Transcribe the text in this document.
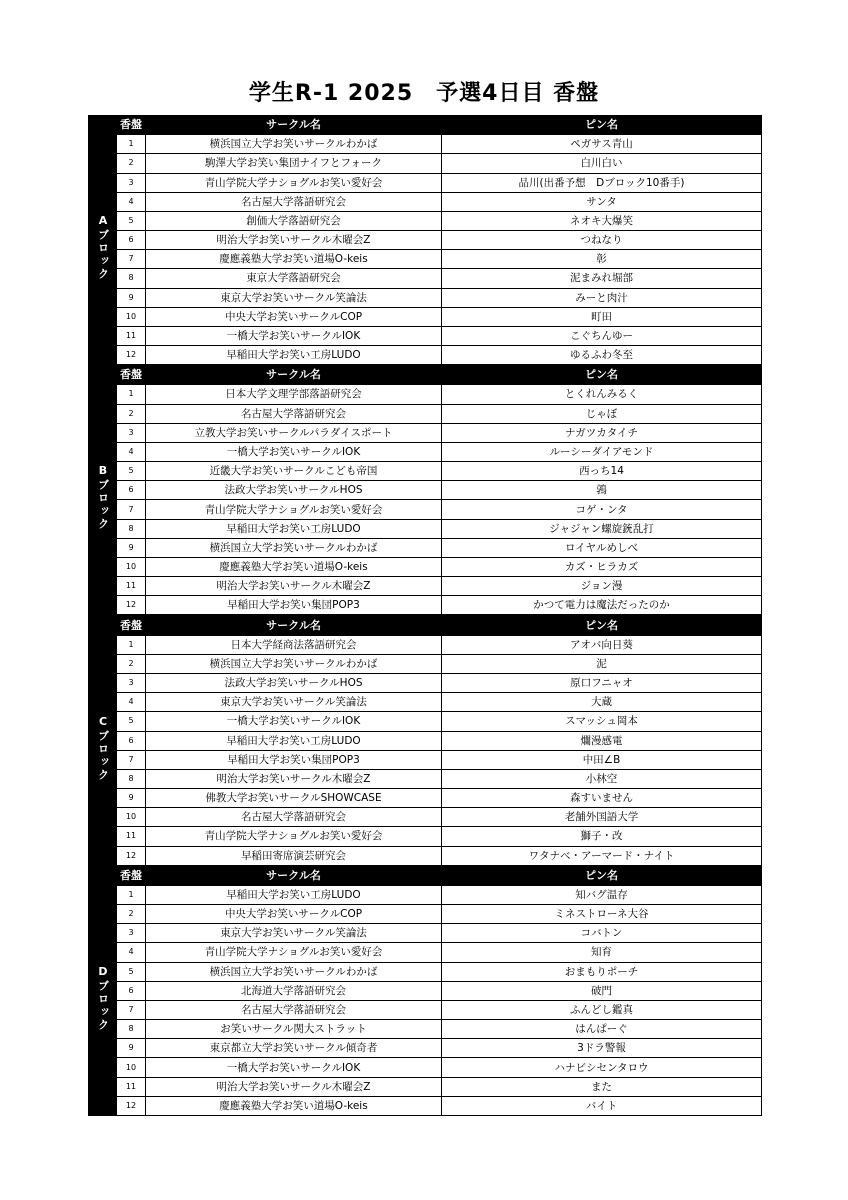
学生R-1 2025　予選4日目 香盤
	香盤	サークル名	ピン名
Aブロック	1	横浜国立大学お笑いサークルわかば	ペガサス青山
	2	駒澤大学お笑い集団ナイフとフォーク	白川白い
	3	青山学院大学ナショグルお笑い愛好会	品川(出番予想　Dブロック10番手)
	4	名古屋大学落語研究会	サンタ
	5	創価大学落語研究会	ネオキ大爆笑
	6	明治大学お笑いサークル木曜会Z	つねなり
	7	慶應義塾大学お笑い道場O-keis	彰
	8	東京大学落語研究会	泥まみれ堀部
	9	東京大学お笑いサークル笑論法	みーと肉汁
	10	中央大学お笑いサークルCOP	町田
	11	一橋大学お笑いサークルIOK	こぐちんゆー
	12	早稲田大学お笑い工房LUDO	ゆるふわ冬至
	香盤	サークル名	ピン名
Bブロック	1	日本大学文理学部落語研究会	とくれんみるく
	2	名古屋大学落語研究会	じゃぼ
	3	立教大学お笑いサークルパラダイスポート	ナガツカタイチ
	4	一橋大学お笑いサークルIOK	ルーシーダイアモンド
	5	近畿大学お笑いサークルこども帝国	西っち14
	6	法政大学お笑いサークルHOS	鶉
	7	青山学院大学ナショグルお笑い愛好会	コゲ・ンタ
	8	早稲田大学お笑い工房LUDO	ジャジャン螺旋銃乱打
	9	横浜国立大学お笑いサークルわかば	ロイヤルめしべ
	10	慶應義塾大学お笑い道場O-keis	カズ・ヒラカズ
	11	明治大学お笑いサークル木曜会Z	ジョン漫
	12	早稲田大学お笑い集団POP3	かつて電力は魔法だったのか
	香盤	サークル名	ピン名
Cブロック	1	日本大学経商法落語研究会	アオバ向日葵
	2	横浜国立大学お笑いサークルわかば	泥
	3	法政大学お笑いサークルHOS	原口フニャオ
	4	東京大学お笑いサークル笑論法	大蔵
	5	一橋大学お笑いサークルIOK	スマッシュ岡本
	6	早稲田大学お笑い工房LUDO	爛漫感電
	7	早稲田大学お笑い集団POP3	中田∠B
	8	明治大学お笑いサークル木曜会Z	小林空
	9	佛教大学お笑いサークルSHOWCASE	森すいません
	10	名古屋大学落語研究会	老舗外国語大学
	11	青山学院大学ナショグルお笑い愛好会	獅子・改
	12	早稲田寄席演芸研究会	ワタナベ・アーマード・ナイト
	香盤	サークル名	ピン名
Dブロック	1	早稲田大学お笑い工房LUDO	知バグ温存
	2	中央大学お笑いサークルCOP	ミネストローネ大谷
	3	東京大学お笑いサークル笑論法	コバトン
	4	青山学院大学ナショグルお笑い愛好会	知育
	5	横浜国立大学お笑いサークルわかば	おまもりポーチ
	6	北海道大学落語研究会	破門
	7	名古屋大学落語研究会	ふんどし鑑真
	8	お笑いサークル関大ストラット	はんぱーぐ
	9	東京都立大学お笑いサークル傾奇者	3ドラ警報
	10	一橋大学お笑いサークルIOK	ハナビシセンタロウ
	11	明治大学お笑いサークル木曜会Z	また
	12	慶應義塾大学お笑い道場O-keis	バイト
